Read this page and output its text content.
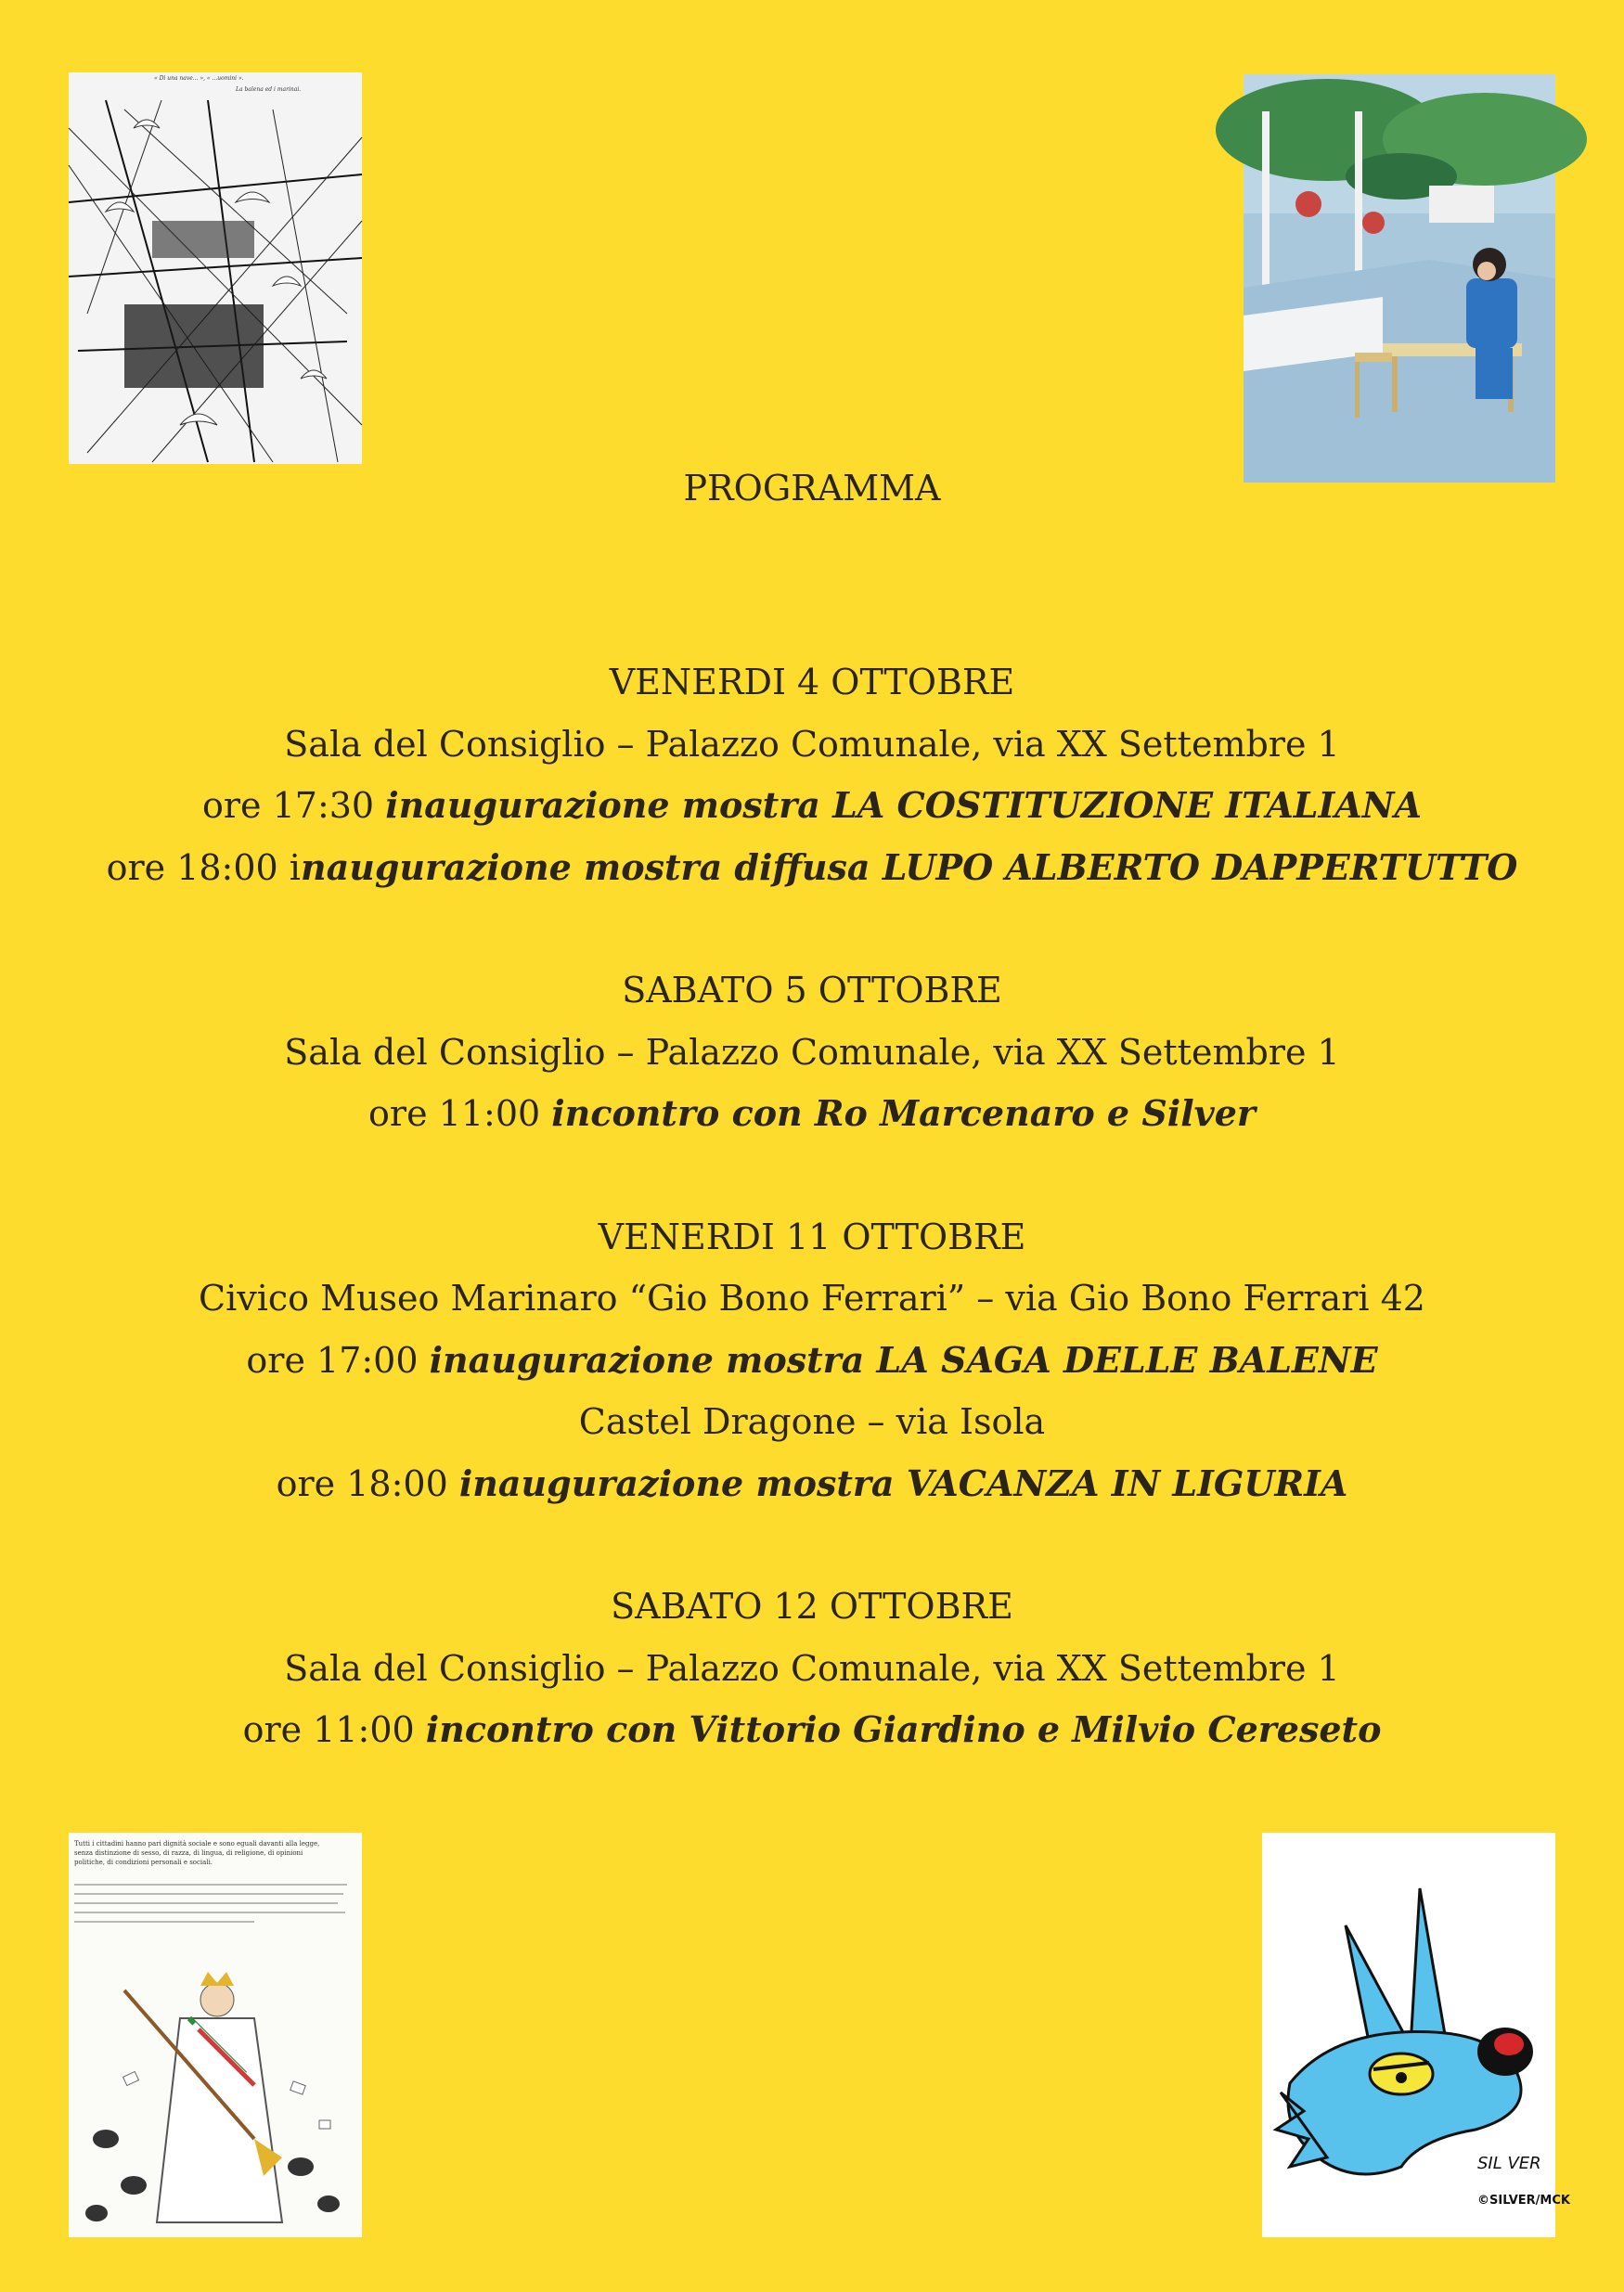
« Di una nave... », « ...uomini ».
La balena ed i marinai.
PROGRAMMA
VENERDI 4 OTTOBRE
Sala del Consiglio – Palazzo Comunale, via XX Settembre 1
ore 17:30 inaugurazione mostra LA COSTITUZIONE ITALIANA
ore 18:00 inaugurazione mostra diffusa LUPO ALBERTO DAPPERTUTTO
SABATO 5 OTTOBRE
Sala del Consiglio – Palazzo Comunale, via XX Settembre 1
ore 11:00 incontro con Ro Marcenaro e Silver
VENERDI 11 OTTOBRE
Civico Museo Marinaro “Gio Bono Ferrari” – via Gio Bono Ferrari 42
ore 17:00 inaugurazione mostra LA SAGA DELLE BALENE
Castel Dragone – via Isola
ore 18:00 inaugurazione mostra VACANZA IN LIGURIA
SABATO 12 OTTOBRE
Sala del Consiglio – Palazzo Comunale, via XX Settembre 1
ore 11:00 incontro con Vittorio Giardino e Milvio Cereseto
Tutti i cittadini hanno pari dignità sociale e sono eguali davanti alla legge,
senza distinzione di sesso, di razza, di lingua, di religione, di opinioni
politiche, di condizioni personali e sociali.
SIL VER
©SILVER/MCK
